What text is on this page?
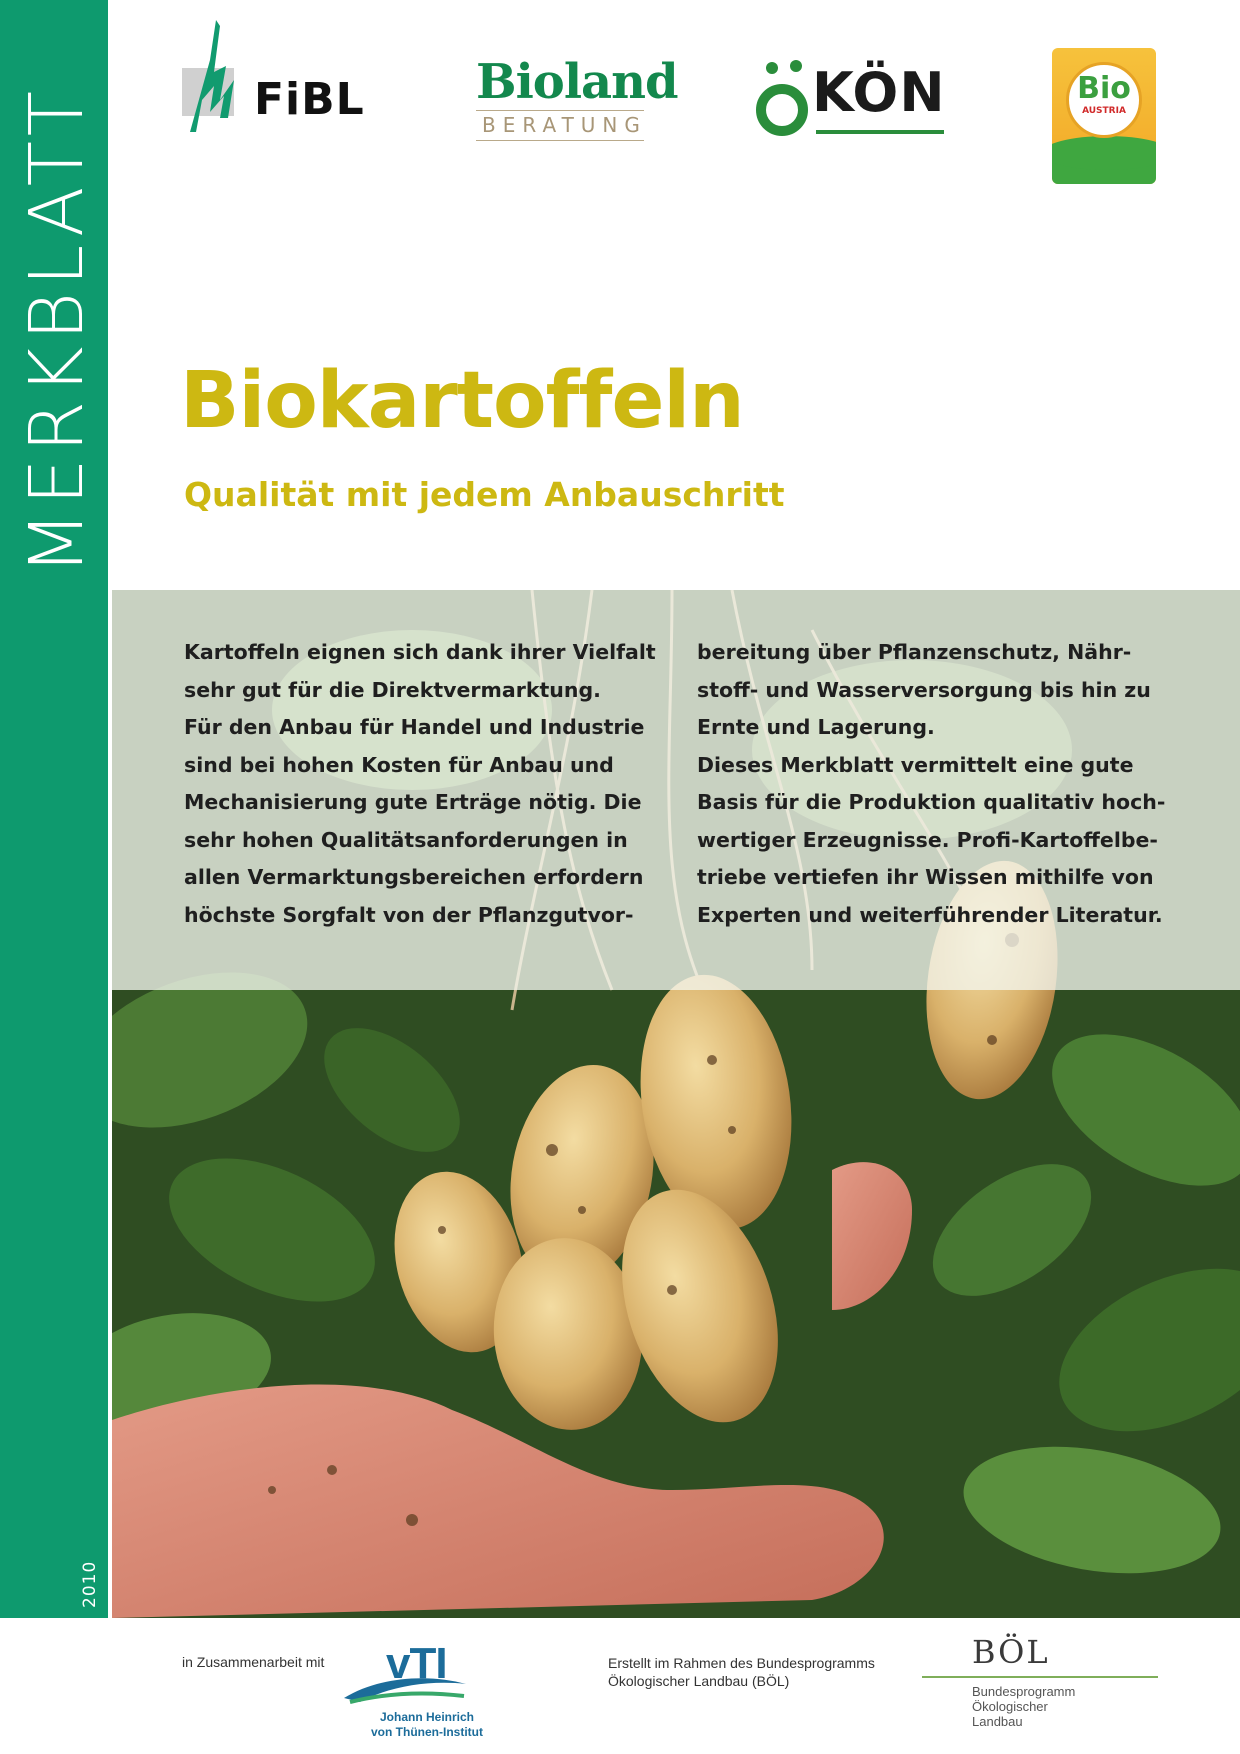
MERKBLATT
2010
FiBL Bioland
BERATUNG
KÖN	Bio
AUSTRIA
Biokartoffeln
Qualität mit jedem Anbauschritt
Kartoffeln eignen sich dank ihrer Vielfalt
sehr gut für die Direktvermarktung.
Für den Anbau für Handel und Industrie
sind bei hohen Kosten für Anbau und
Mechanisierung gute Erträge nötig. Die
sehr hohen Qualitätsanforderungen in
allen Vermarktungsbereichen erfordern
höchste Sorgfalt von der Pflanzgutvor-
bereitung über Pflanzenschutz, Nähr-
stoff- und Wasserversorgung bis hin zu
Ernte und Lagerung.
Dieses Merkblatt vermittelt eine gute
Basis für die Produktion qualitativ hoch-
wertiger Erzeugnisse. Profi-Kartoffelbe-
triebe vertiefen ihr Wissen mithilfe von
Experten und weiterführender Literatur.
in Zusammenarbeit mit vTI
Johann Heinrich
von Thünen-Institut
Erstellt im Rahmen des Bundesprogramms
Ökologischer Landbau (BÖL)
BÖL
Bundesprogramm
Ökologischer
Landbau
